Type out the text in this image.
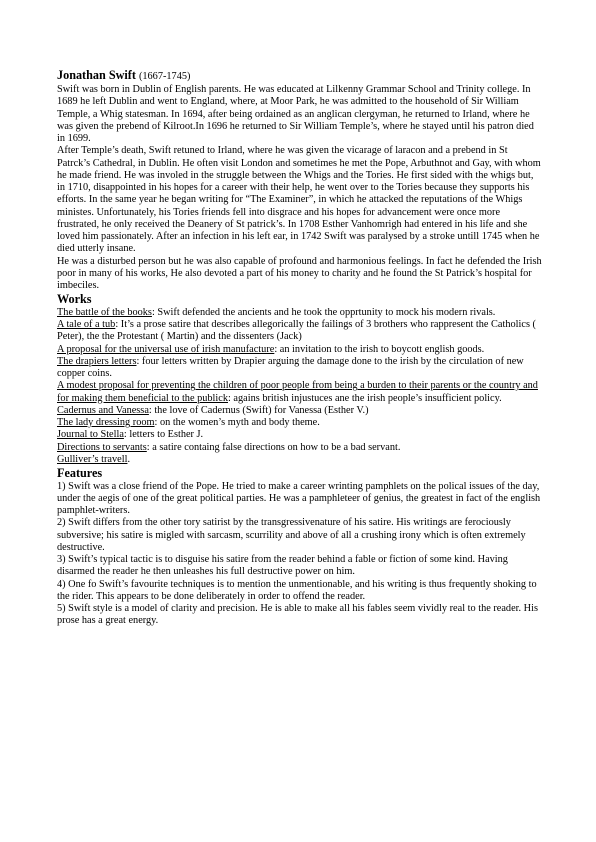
Jonathan Swift (1667-1745)

Swift was born in Dublin of English parents. He was educated at Lilkenny Grammar School and Trinity college. In 1689 he left Dublin and went to England, where, at Moor Park, he was admitted to the household of Sir William Temple, a Whig statesman. In 1694, after being ordained as an anglican clergyman, he returned to Irland, where he was given the prebend of Kilroot.In 1696 he returned to Sir William Temple’s, where he stayed until his patron died in 1699.

After Temple’s death, Swift retuned to Irland, where he was given the vicarage of laracon and a prebend in St Patrck’s Cathedral, in Dublin. He often visit London and sometimes he met the Pope, Arbuthnot and Gay, with whom he made friend. He was involed in the struggle between the Whigs and the Tories. He first sided with the whigs but, in 1710, disappointed in his hopes for a career with their help, he went over to the Tories because they supports his efforts. In the same year he began writing for “The Examiner”, in which he attacked the reputations of the Whigs ministes. Unfortunately, his Tories friends fell into disgrace and his hopes for advancement were once more frustrated, he only received the Deanery of St patrick’s. In 1708 Esther Vanhomrigh had entered in his life and she loved him passionately. After an infection in his left ear, in 1742 Swift was paralysed by a stroke untill 1745 when he died utterly insane.

He was a disturbed person but he was also capable of profound and harmonious feelings. In fact he defended the Irish poor in many of his works, He also devoted a part of his money to charity and he found the St Patrick’s hospital for imbeciles.

Works

The battle of the books: Swift defended the ancients and he took the opprtunity to mock his modern rivals.

A tale of a tub: It’s a prose satire that describes allegorically the failings of 3 brothers who rappresent the Catholics ( Peter), the the Protestant ( Martin) and the dissenters (Jack)

A proposal for the universal use of irish manufacture: an invitation to the irish to boycott english goods.

The drapiers letters: four letters written by Drapier arguing the damage done to the irish by the circulation of new copper coins.

A modest proposal for preventing the children of poor people from being a burden to their parents or the country and for making them beneficial to the publick: agains british injustuces ane the irish people’s insufficient policy.

Cadernus and Vanessa: the love of Cadernus (Swift) for Vanessa (Esther V.)

The lady dressing room: on the women’s myth and body theme.

Journal to Stella: letters to Esther J.

Directions to servants: a satire containg false directions on how to be a bad servant.

Gulliver’s travell.

Features

1) Swift was a close friend of the Pope. He tried to make a career wrinting pamphlets on the polical issues of the day, under the aegis of one of the great political parties. He was a pamphleteer of genius, the greatest in fact of the english pamphlet-writers.

2) Swift differs from the other tory satirist by the transgressivenature of his satire. His writings are ferociously subversive; his satire is migled with sarcasm, scurrility and above of all a crushing irony which is often extremely destructive.

3) Swift’s typical tactic is to disguise his satire from the reader behind a fable or fiction of some kind. Having disarmed the reader he then unleashes his full destructive power on him.

4) One fo Swift’s favourite techniques is to mention the unmentionable, and his writing is thus frequently shoking to the rider. This appears to be done deliberately in order to offend the reader.

5) Swift style is a model of clarity and precision. He is able to make all his fables seem vividly real to the reader. His prose has a great energy.
